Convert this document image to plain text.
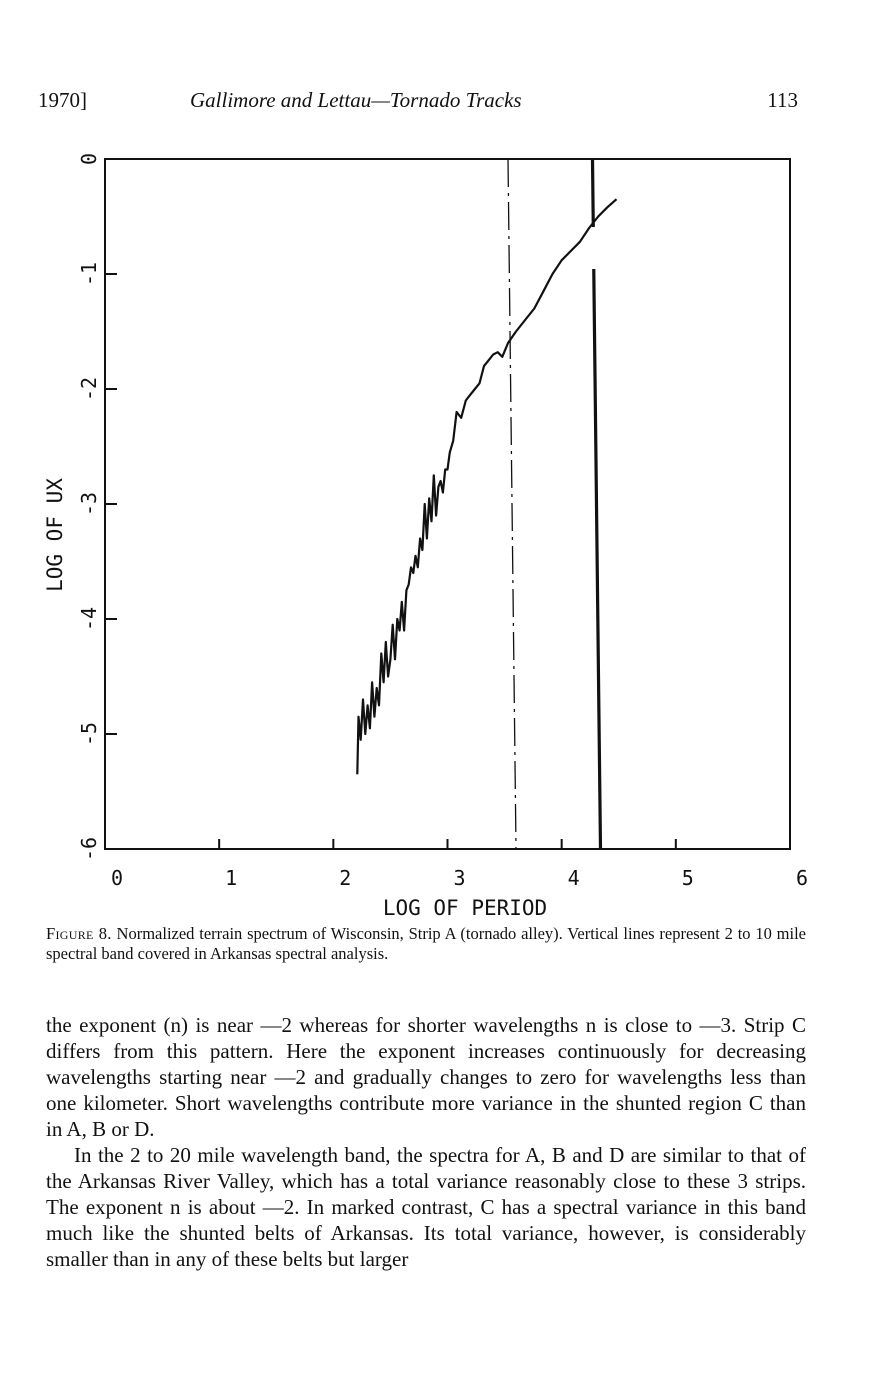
1970]	Gallimore and Lettau—Tornado Tracks	113
0
-1
-2
-3
-4
-5
-6
0	1	2	3	4	5	6
LOG OF PERIOD
LOG OF UX
Figure 8. Normalized terrain spectrum of Wisconsin, Strip A (tornado alley). Vertical lines represent 2 to 10 mile spectral band covered in Arkansas spectral analysis.

the exponent (n) is near —2 whereas for shorter wavelengths n is close to —3. Strip C differs from this pattern. Here the exponent increases continuously for decreasing wavelengths starting near —2 and gradually changes to zero for wavelengths less than one kilometer. Short wavelengths contribute more variance in the shunted region C than in A, B or D.

In the 2 to 20 mile wavelength band, the spectra for A, B and D are similar to that of the Arkansas River Valley, which has a total variance reasonably close to these 3 strips. The exponent n is about —2. In marked contrast, C has a spectral variance in this band much like the shunted belts of Arkansas. Its total variance, however, is considerably smaller than in any of these belts but larger
